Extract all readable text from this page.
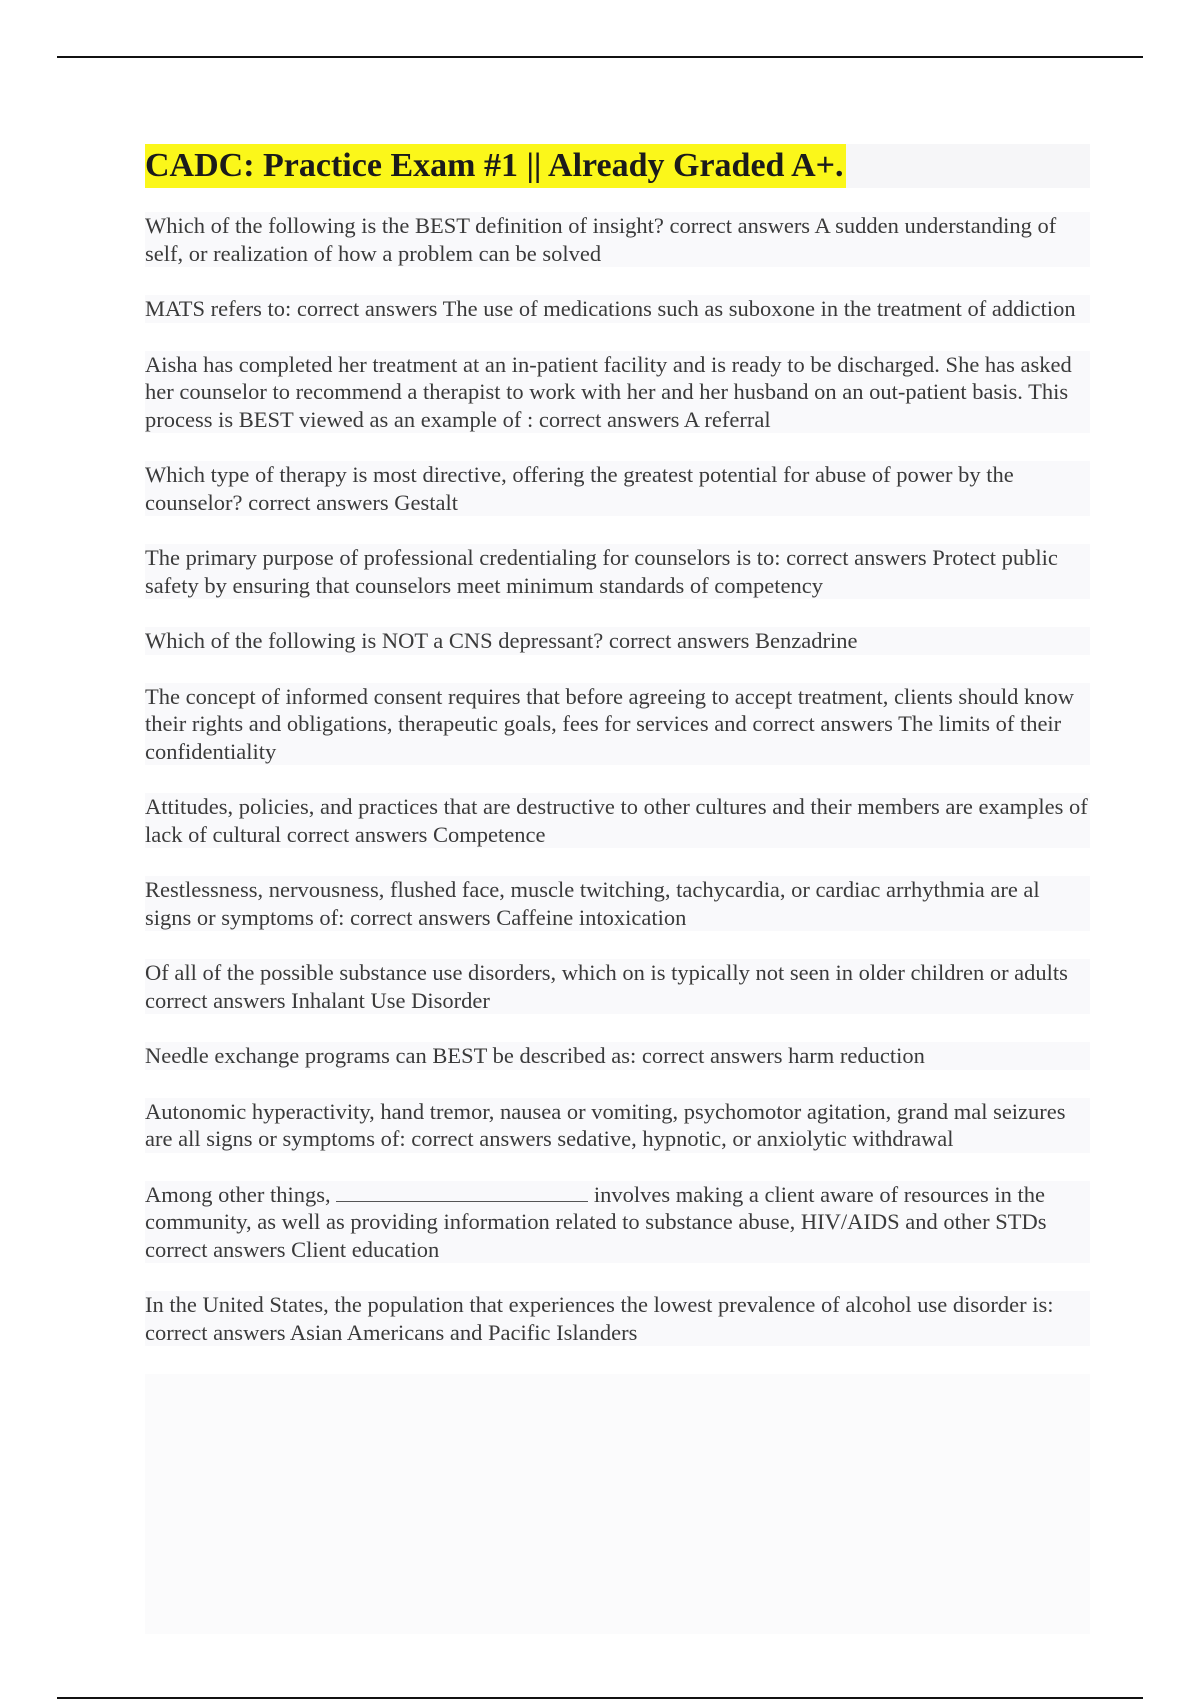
CADC: Practice Exam #1 || Already Graded A+.

Which of the following is the BEST definition of insight? correct answers A sudden understanding of self, or realization of how a problem can be solved

MATS refers to: correct answers The use of medications such as suboxone in the treatment of addiction

Aisha has completed her treatment at an in-patient facility and is ready to be discharged. She has asked her counselor to recommend a therapist to work with her and her husband on an out-patient basis. This process is BEST viewed as an example of : correct answers A referral

Which type of therapy is most directive, offering the greatest potential for abuse of power by the counselor? correct answers Gestalt

The primary purpose of professional credentialing for counselors is to: correct answers Protect public safety by ensuring that counselors meet minimum standards of competency

Which of the following is NOT a CNS depressant? correct answers Benzadrine

The concept of informed consent requires that before agreeing to accept treatment, clients should know their rights and obligations, therapeutic goals, fees for services and correct answers The limits of their confidentiality

Attitudes, policies, and practices that are destructive to other cultures and their members are examples of lack of cultural correct answers Competence

Restlessness, nervousness, flushed face, muscle twitching, tachycardia, or cardiac arrhythmia are al signs or symptoms of: correct answers Caffeine intoxication

Of all of the possible substance use disorders, which on is typically not seen in older children or adults correct answers Inhalant Use Disorder

Needle exchange programs can BEST be described as: correct answers harm reduction

Autonomic hyperactivity, hand tremor, nausea or vomiting, psychomotor agitation, grand mal seizures are all signs or symptoms of: correct answers sedative, hypnotic, or anxiolytic withdrawal

Among other things,	involves making a client aware of resources in the community, as well as providing information related to substance abuse, HIV/AIDS and other STDs correct answers Client education

In the United States, the population that experiences the lowest prevalence of alcohol use disorder is: correct answers Asian Americans and Pacific Islanders
